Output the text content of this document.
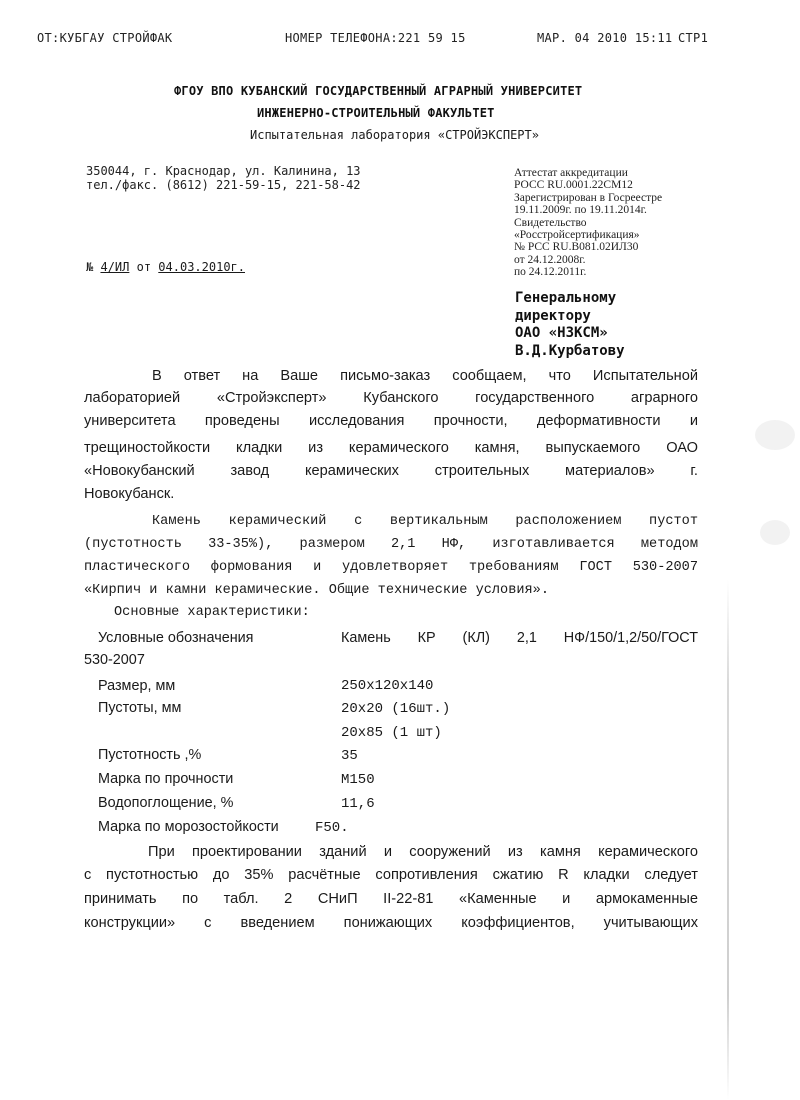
ОТ:КУБГАУ СТРОЙФАК	НОМЕР ТЕЛЕФОНА:221 59 15	МАР. 04 2010 15:11 СТР1
ФГОУ ВПО КУБАНСКИЙ ГОСУДАРСТВЕННЫЙ АГРАРНЫЙ УНИВЕРСИТЕТ
ИНЖЕНЕРНО-СТРОИТЕЛЬНЫЙ ФАКУЛЬТЕТ
Испытательная лаборатория «СТРОЙЭКСПЕРТ»
350044, г. Краснодар, ул. Калинина, 13
тел./факс. (8612) 221-59-15, 221-58-42
Аттестат аккредитации
РОСС RU.0001.22СМ12
Зарегистрирован в Госреестре
19.11.2009г. по 19.11.2014г.
Свидетельство
«Росстройсертификация»
№ РСС RU.B081.02ИЛ30
от 24.12.2008г.
по 24.12.2011г.
№ 4/ИЛ от 04.03.2010г.
Генеральному
директору
ОАО «НЗКСМ»
В.Д.Курбатову
В ответ на Ваше письмо-заказ сообщаем, что Испытательной
лабораторией «Стройэксперт» Кубанского государственного аграрного
университета проведены исследования прочности, деформативности и
трещиностойкости кладки из керамического камня, выпускаемого ОАО
«Новокубанский завод керамических строительных материалов» г.
Новокубанск.
Камень керамический с вертикальным расположением пустот
(пустотность 33-35%), размером 2,1 НФ, изготавливается методом
пластического формования и удовлетворяет требованиям ГОСТ 530-2007
«Кирпич и камни керамические. Общие технические условия».
Основные характеристики:
Условные обозначения	Камень КР (КЛ) 2,1 НФ/150/1,2/50/ГОСТ
530-2007
Размер, мм	250x120x140
Пустоты, мм	20x20 (16шт.)
20x85 (1 шт)
Пустотность ,%	35
Марка по прочности	М150
Водопоглощение, %	11,6
Марка по морозостойкости	F50.
При проектировании зданий и сооружений из камня керамического
с пустотностью до 35% расчётные сопротивления сжатию R кладки следует
принимать по табл. 2 СНиП II-22-81 «Каменные и армокаменные
конструкции» с введением понижающих коэффициентов, учитывающих
